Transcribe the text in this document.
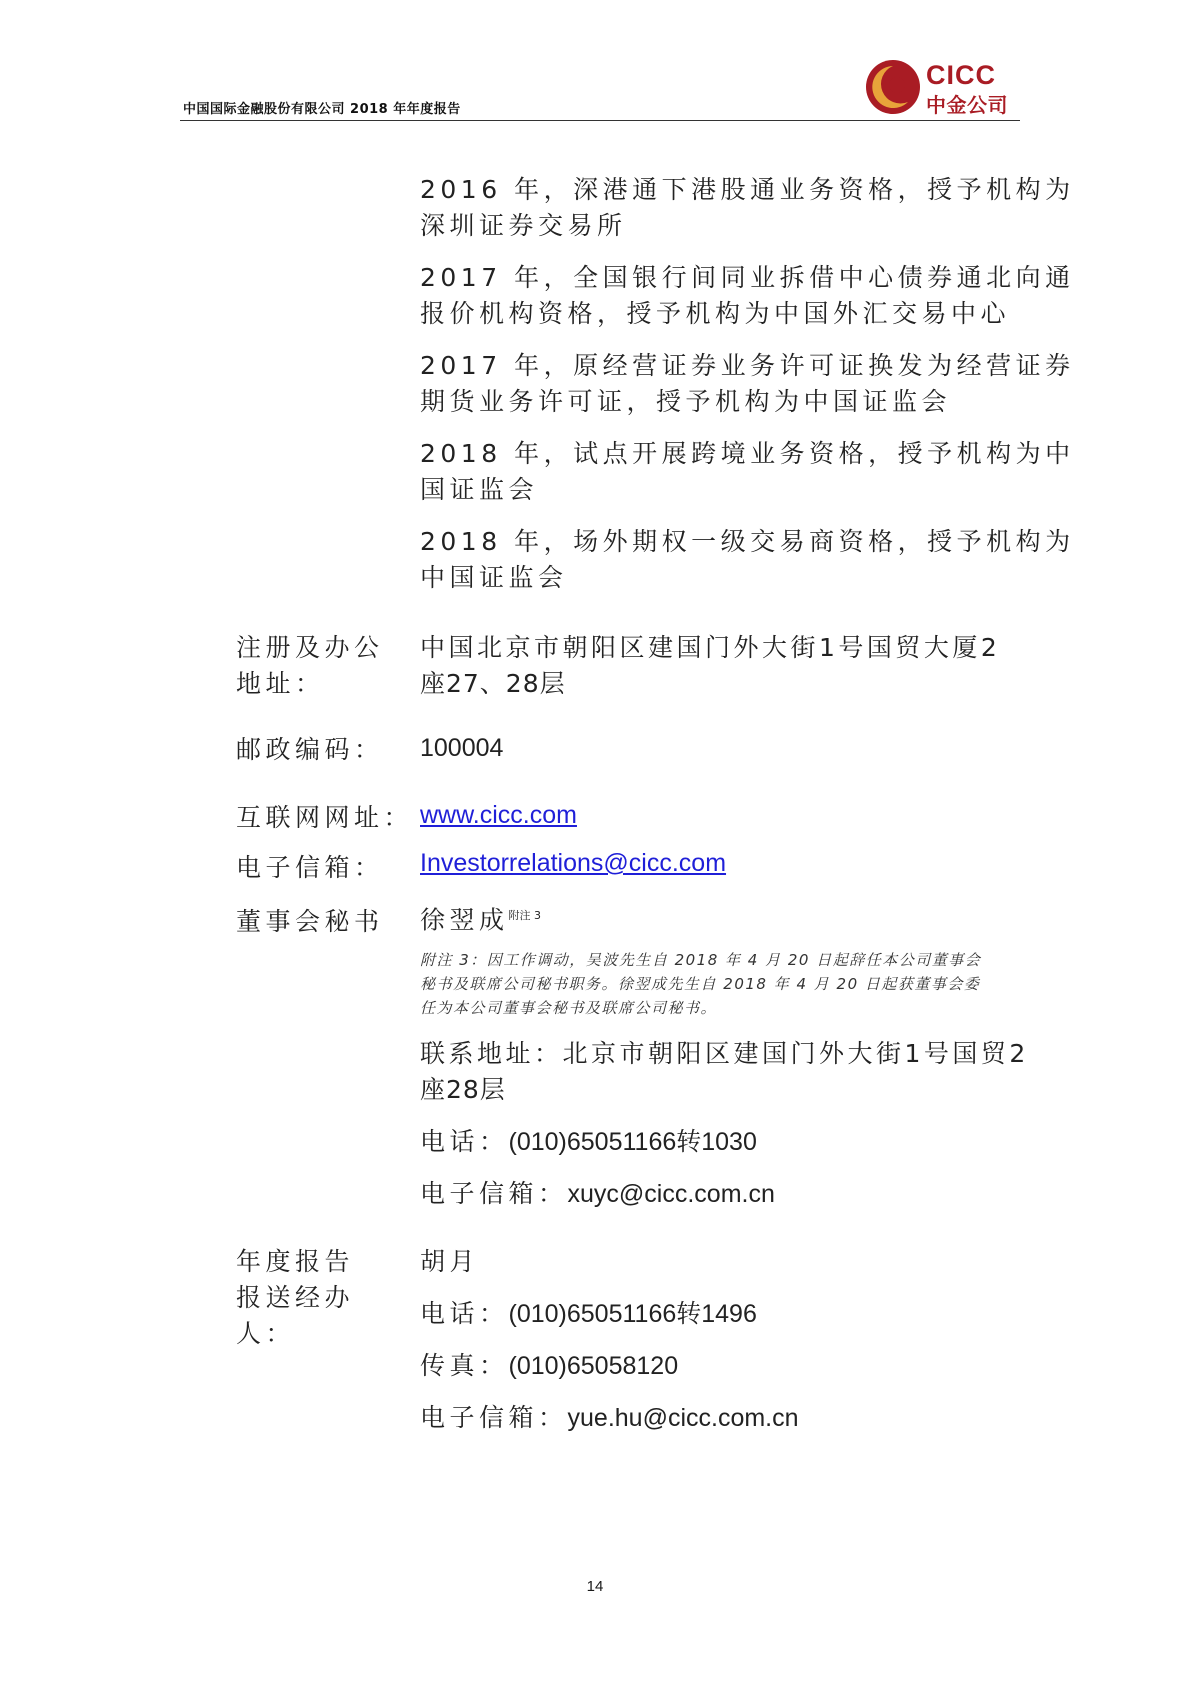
中国国际金融股份有限公司 2018 年年度报告
CICC
中金公司
2016 年，深港通下港股通业务资格，授予机构为
深圳证券交易所
2017 年，全国银行间同业拆借中心债券通北向通
报价机构资格，授予机构为中国外汇交易中心
2017 年，原经营证券业务许可证换发为经营证券
期货业务许可证，授予机构为中国证监会
2018 年，试点开展跨境业务资格，授予机构为中
国证监会
2018 年，场外期权一级交易商资格，授予机构为
中国证监会
注册及办公
地址：
中国北京市朝阳区建国门外大街1号国贸大厦2
座27、28层
邮政编码： 100004
互联网网址： www.cicc.com
电子信箱： Investorrelations@cicc.com
董事会秘书 徐翌成$^{附注 3}$
附注 3：因工作调动，吴波先生自 2018 年 4 月 20 日起辞任本公司董事会
秘书及联席公司秘书职务。徐翌成先生自 2018 年 4 月 20 日起获董事会委
任为本公司董事会秘书及联席公司秘书。
联系地址：北京市朝阳区建国门外大街1号国贸2
座28层
电话：(010)65051166转1030
电子信箱：xuyc@cicc.com.cn
年度报告
报送经办
人：
胡月
电话：(010)65051166转1496
传真：(010)65058120
电子信箱：yue.hu@cicc.com.cn
14
